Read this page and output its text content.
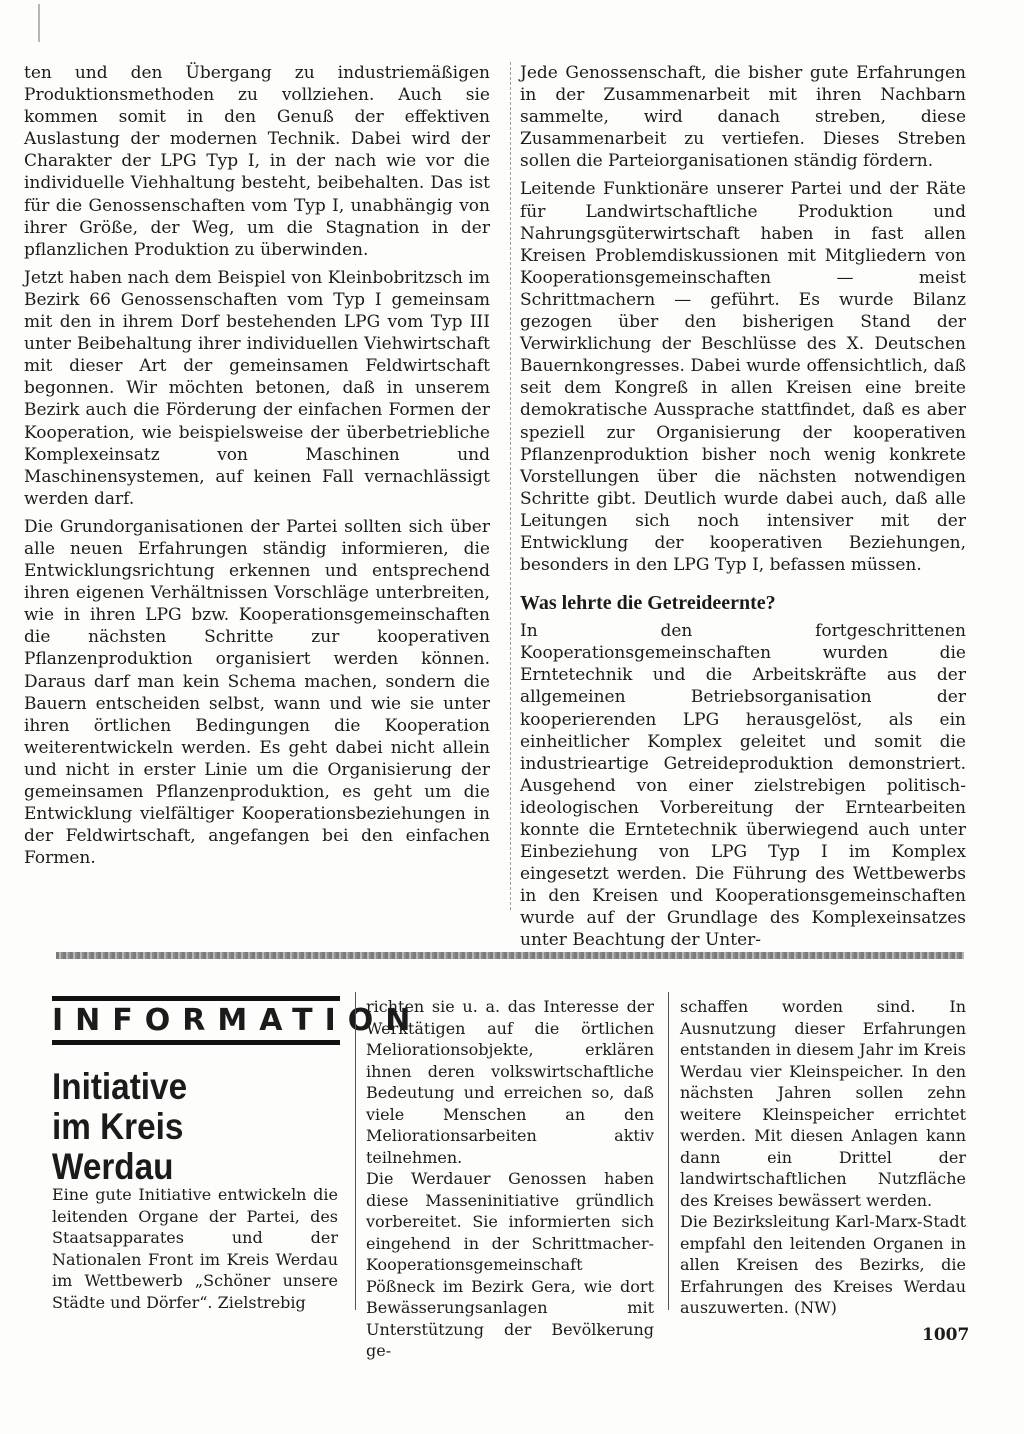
ten und den Übergang zu industriemäßigen Produktionsmethoden zu vollziehen. Auch sie kommen somit in den Genuß der effektiven Auslastung der modernen Technik. Dabei wird der Charakter der LPG Typ I, in der nach wie vor die individuelle Viehhaltung besteht, beibehalten. Das ist für die Genossenschaften vom Typ I, unabhängig von ihrer Größe, der Weg, um die Stagnation in der pflanzlichen Produktion zu überwinden.

Jetzt haben nach dem Beispiel von Kleinbobritzsch im Bezirk 66 Genossenschaften vom Typ I gemeinsam mit den in ihrem Dorf bestehenden LPG vom Typ III unter Beibehaltung ihrer individuellen Viehwirtschaft mit dieser Art der gemeinsamen Feldwirtschaft begonnen. Wir möchten betonen, daß in unserem Bezirk auch die Förderung der einfachen Formen der Kooperation, wie beispielsweise der überbetriebliche Komplexeinsatz von Maschinen und Maschinensystemen, auf keinen Fall vernachlässigt werden darf.

Die Grundorganisationen der Partei sollten sich über alle neuen Erfahrungen ständig informieren, die Entwicklungsrichtung erkennen und entsprechend ihren eigenen Verhältnissen Vorschläge unterbreiten, wie in ihren LPG bzw. Kooperationsgemeinschaften die nächsten Schritte zur kooperativen Pflanzenproduktion organisiert werden können. Daraus darf man kein Schema machen, sondern die Bauern entscheiden selbst, wann und wie sie unter ihren örtlichen Bedingungen die Kooperation weiterentwickeln werden. Es geht dabei nicht allein und nicht in erster Linie um die Organisierung der gemeinsamen Pflanzenproduktion, es geht um die Entwicklung vielfältiger Kooperationsbeziehungen in der Feldwirtschaft, angefangen bei den einfachen Formen.

Jede Genossenschaft, die bisher gute Erfahrungen in der Zusammenarbeit mit ihren Nachbarn sammelte, wird danach streben, diese Zusammenarbeit zu vertiefen. Dieses Streben sollen die Parteiorganisationen ständig fördern.

Leitende Funktionäre unserer Partei und der Räte für Landwirtschaftliche Produktion und Nahrungsgüterwirtschaft haben in fast allen Kreisen Problemdiskussionen mit Mitgliedern von Kooperationsgemeinschaften — meist Schrittmachern — geführt. Es wurde Bilanz gezogen über den bisherigen Stand der Verwirklichung der Beschlüsse des X. Deutschen Bauernkongresses. Dabei wurde offensichtlich, daß seit dem Kongreß in allen Kreisen eine breite demokratische Aussprache stattfindet, daß es aber speziell zur Organisierung der kooperativen Pflanzenproduktion bisher noch wenig konkrete Vorstellungen über die nächsten notwendigen Schritte gibt. Deutlich wurde dabei auch, daß alle Leitungen sich noch intensiver mit der Entwicklung der kooperativen Beziehungen, besonders in den LPG Typ I, befassen müssen.

Was lehrte die Getreideernte?

In den fortgeschrittenen Kooperationsgemeinschaften wurden die Erntetechnik und die Arbeitskräfte aus der allgemeinen Betriebsorganisation der kooperierenden LPG herausgelöst, als ein einheitlicher Komplex geleitet und somit die industrieartige Getreideproduktion demonstriert. Ausgehend von einer zielstrebigen politisch-ideologischen Vorbereitung der Erntearbeiten konnte die Erntetechnik überwiegend auch unter Einbeziehung von LPG Typ I im Komplex eingesetzt werden. Die Führung des Wettbewerbs in den Kreisen und Kooperationsgemeinschaften wurde auf der Grundlage des Komplexeinsatzes unter Beachtung der Unter-

INFORMATION
Initiative
im Kreis Werdau

Eine gute Initiative entwickeln die leitenden Organe der Partei, des Staatsapparates und der Nationalen Front im Kreis Werdau im Wettbewerb „Schöner unsere Städte und Dörfer“. Zielstrebig

richten sie u. a. das Interesse der Werktätigen auf die örtlichen Meliorationsobjekte, erklären ihnen deren volkswirtschaftliche Bedeutung und erreichen so, daß viele Menschen an den Meliorationsarbeiten aktiv teilnehmen.

Die Werdauer Genossen haben diese Masseninitiative gründlich vorbereitet. Sie informierten sich eingehend in der Schrittmacher-Kooperationsgemeinschaft Pößneck im Bezirk Gera, wie dort Bewässerungsanlagen mit Unterstützung der Bevölkerung ge-

schaffen worden sind. In Ausnutzung dieser Erfahrungen entstanden in diesem Jahr im Kreis Werdau vier Kleinspeicher. In den nächsten Jahren sollen zehn weitere Kleinspeicher errichtet werden. Mit diesen Anlagen kann dann ein Drittel der landwirtschaftlichen Nutzfläche des Kreises bewässert werden.

Die Bezirksleitung Karl-Marx-Stadt empfahl den leitenden Organen in allen Kreisen des Bezirks, die Erfahrungen des Kreises Werdau auszuwerten. (NW)

1007
